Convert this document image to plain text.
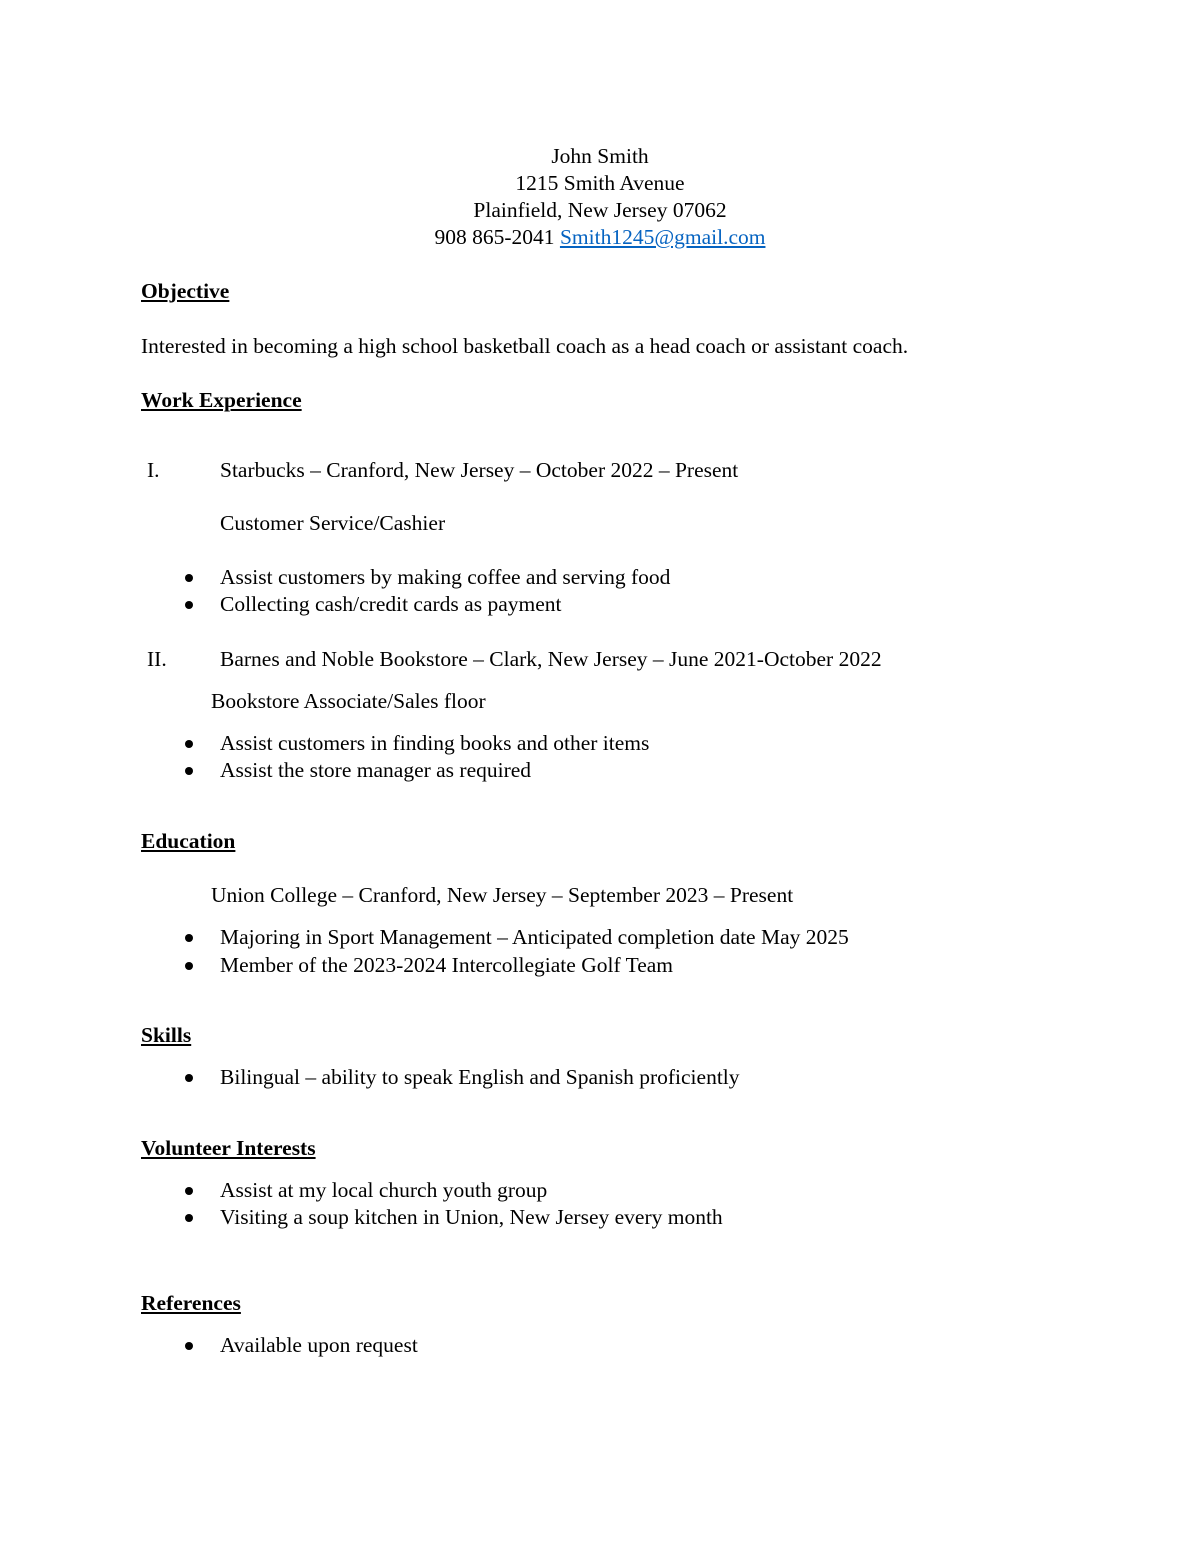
John Smith
1215 Smith Avenue
Plainfield, New Jersey 07062
908 865-2041 Smith1245@gmail.com
Objective
Interested in becoming a high school basketball coach as a head coach or assistant coach.
Work Experience
I.	Starbucks – Cranford, New Jersey – October 2022 – Present
Customer Service/Cashier
Assist customers by making coffee and serving food
Collecting cash/credit cards as payment
II. Barnes and Noble Bookstore – Clark, New Jersey – June 2021-October 2022
Bookstore Associate/Sales floor
Assist customers in finding books and other items
Assist the store manager as required
Education
Union College – Cranford, New Jersey – September 2023 – Present
Majoring in Sport Management – Anticipated completion date May 2025
Member of the 2023-2024 Intercollegiate Golf Team
Skills
Bilingual – ability to speak English and Spanish proficiently
Volunteer Interests
Assist at my local church youth group
Visiting a soup kitchen in Union, New Jersey every month
References
Available upon request
